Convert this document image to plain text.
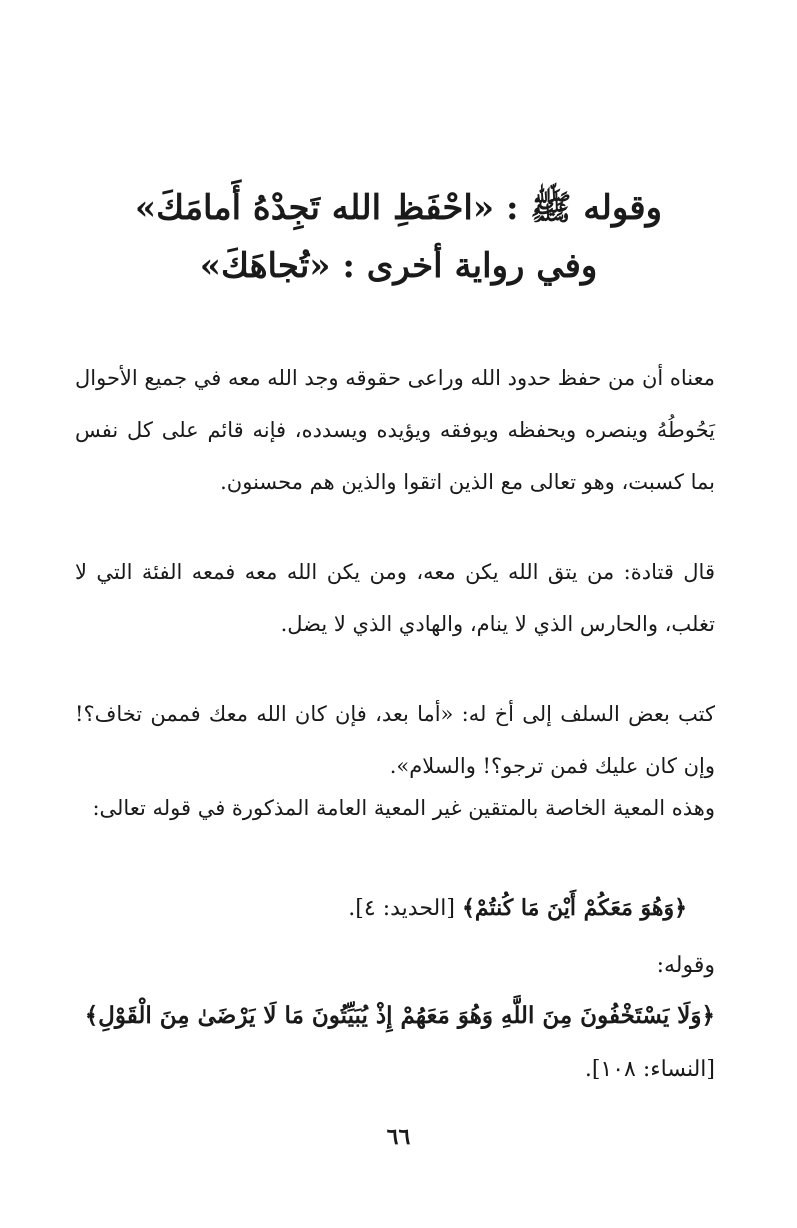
وقوله ﷺ : «احْفَظِ الله تَجِدْهُ أَمامَكَ»
وفي رواية أخرى : «تُجاهَكَ»
معناه أن من حفظ حدود الله وراعى حقوقه وجد الله معه في جميع الأحوال يَحُوطُهُ وينصره ويحفظه ويوفقه ويؤيده ويسدده، فإنه قائم على كل نفس بما كسبت، وهو تعالى مع الذين اتقوا والذين هم محسنون.
قال قتادة: من يتق الله يكن معه، ومن يكن الله معه فمعه الفئة التي لا تغلب، والحارس الذي لا ينام، والهادي الذي لا يضل.
كتب بعض السلف إلى أخ له: «أما بعد، فإن كان الله معك فممن تخاف؟! وإن كان عليك فمن ترجو؟! والسلام».
وهذه المعية الخاصة بالمتقين غير المعية العامة المذكورة في قوله تعالى:
﴿وَهُوَ مَعَكُمْ أَيْنَ مَا كُنتُمْ﴾ [الحديد: ٤].
وقوله:
﴿وَلَا يَسْتَخْفُونَ مِنَ اللَّهِ وَهُوَ مَعَهُمْ إِذْ يُبَيِّتُونَ مَا لَا يَرْضَىٰ مِنَ الْقَوْلِ﴾
[النساء: ١٠٨].
٦٦
